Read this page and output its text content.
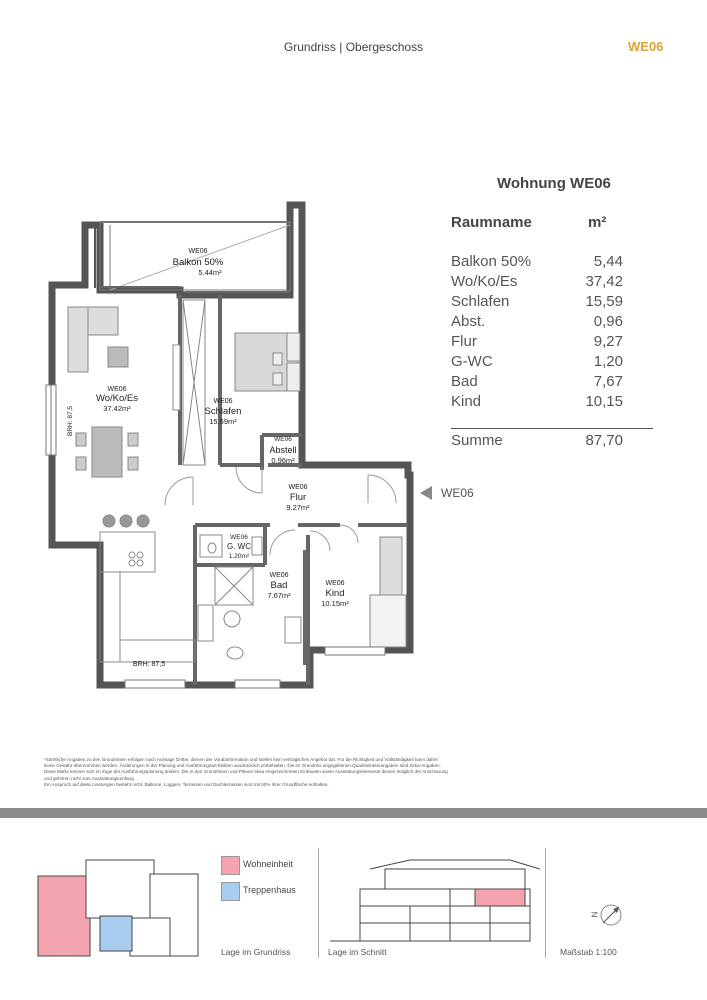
Grundriss | Obergeschoss	WE06
WE06
Balkon 50%
5.44m²
WE06
Wo/Ko/Es
37.42m²
WE06
Schlafen
15.59m²
WE06
Abstell
0.96m²
WE06
Flur
9.27m²
WE06
G. WC
1.20m²
WE06
Bad
7.67m²
WE06
Kind
10.15m²
BRH: 87,5
BRH: 87,5
WE06
Wohnung WE06
Raumname	m²
Balkon 50%	5,44
Wo/Ko/Es	37,42
Schlafen	15,59
Abst.	0,96
Flur	9,27
G-WC	1,20
Bad	7,67
Kind	10,15
Summe	87,70
*Sämtliche Angaben zu den Grundrissen erfolgen nach Aussage Dritter, dienen der Vorabinformation und stellen kein vertragliches Angebot dar. Für die Richtigkeit und Vollständigkeit kann daher
keine Gewähr übernommen werden. Änderungen in der Planung und Ausführungsart bleiben ausdrücklich vorbehalten. Die im Grundriss angegebenen Quadratmeterangaben sind Zirka-Angaben.
Diese Maße können sich im Zuge der Ausführungsplanung ändern. Die in den Grundrissen und Plänen etwa eingezeichneten Einbauten sowie Ausstattungselemente dienen lediglich der Anschauung
und gehören nicht zum Ausstattungsumfang.
Ein Anspruch auf diese Leistungen besteht nicht. Balkone, Loggien, Terrassen und Dachterrassen sind mit 50% ihrer Grundfläche enthalten.
Wohneinheit
Treppenhaus
Lage im Grundriss	Lage im Schnitt
N
Maßstab 1:100
